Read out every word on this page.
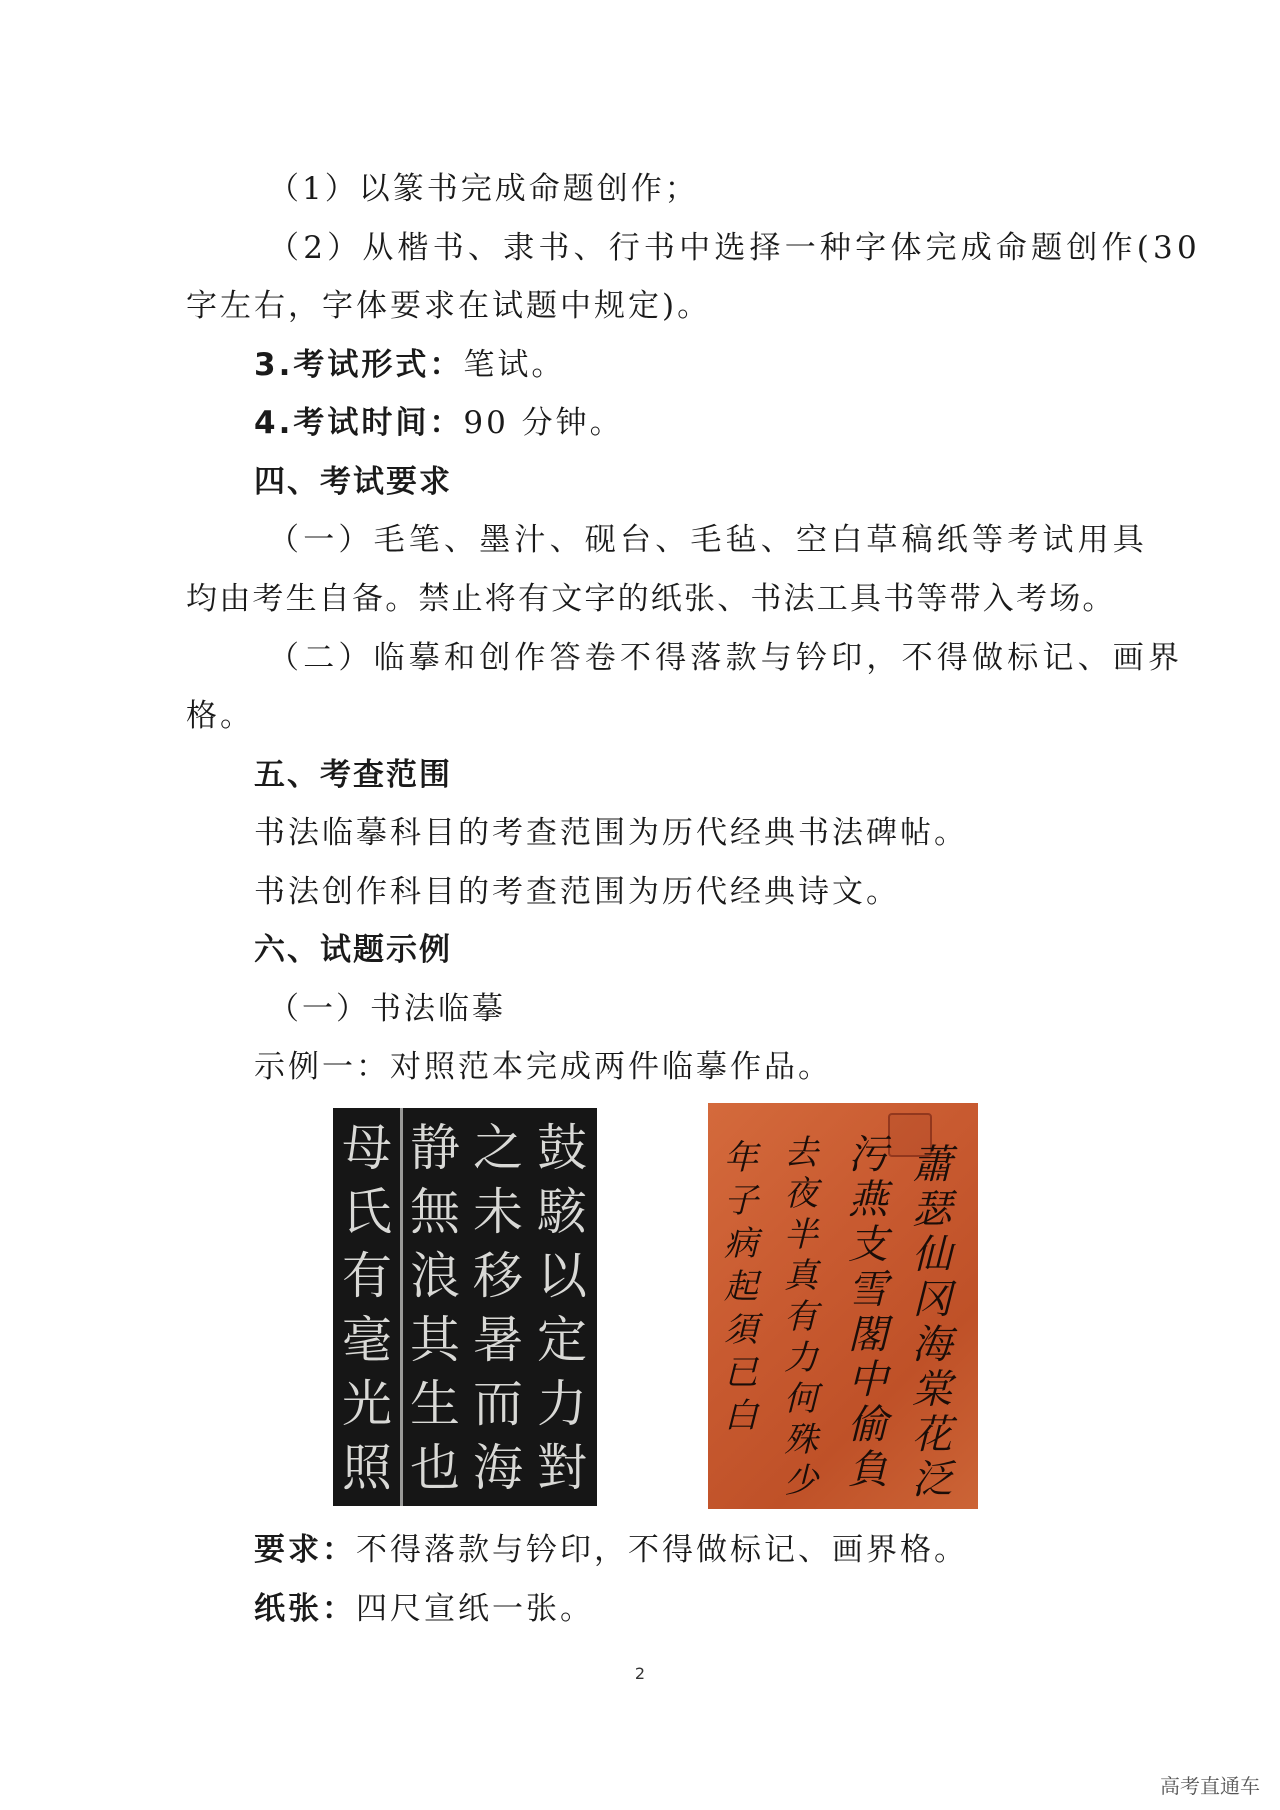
（1）以篆书完成命题创作；
（2）从楷书、隶书、行书中选择一种字体完成命题创作(30
字左右，字体要求在试题中规定)。
3.考试形式：笔试。
4.考试时间：90 分钟。
四、考试要求
（一）毛笔、墨汁、砚台、毛毡、空白草稿纸等考试用具
均由考生自备。禁止将有文字的纸张、书法工具书等带入考场。
（二）临摹和创作答卷不得落款与钤印，不得做标记、画界
格。
五、考查范围
书法临摹科目的考查范围为历代经典书法碑帖。
书法创作科目的考查范围为历代经典诗文。
六、试题示例
（一）书法临摹
示例一：对照范本完成两件临摹作品。
鼓
駭
以
定
力
對
之
未
移
暑
而
海
静
無
浪
其
生
也
母
氏
有
毫
光
照
蕭
瑟
仙
冈
海
棠
花
泛
污
燕
支
雪
閣
中
偷
負
去
夜
半
真
有
力
何
殊
少
年
子
病
起
須
已
白
要求：不得落款与钤印，不得做标记、画界格。
纸张：四尺宣纸一张。
2
高考直通车
